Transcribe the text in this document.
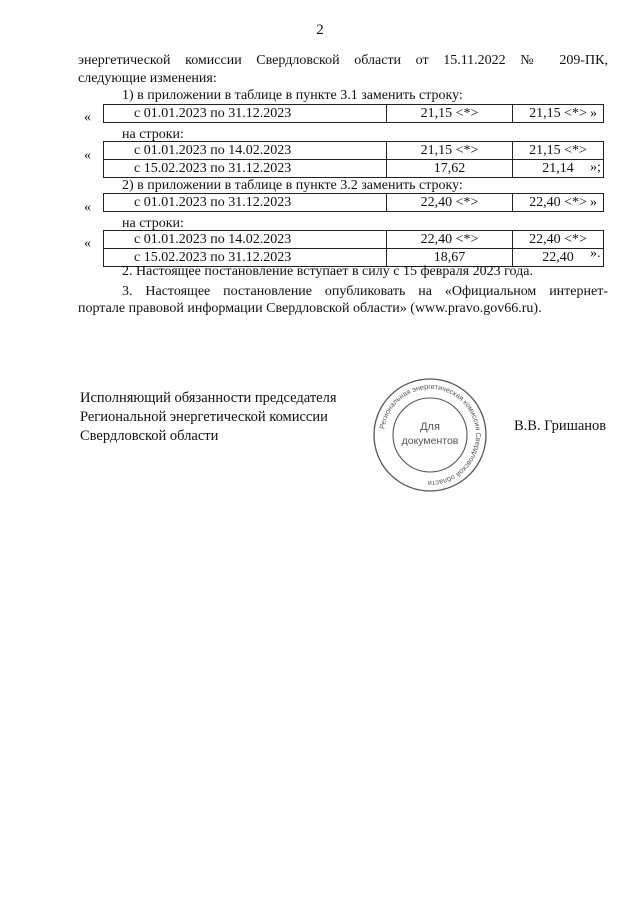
2
энергетической комиссии Свердловской области от 15.11.2022 № 209-ПК,
следующие изменения:
1) в приложении в таблице в пункте 3.1 заменить строку:
«	с 01.01.2023 по 31.12.2023	21,15 <*>	21,15 <*> »
на строки:
«	с 01.01.2023 по 14.02.2023	21,15 <*>	21,15 <*>
с 15.02.2023 по 31.12.2023	17,62	21,14 »;
2) в приложении в таблице в пункте 3.2 заменить строку:
«	с 01.01.2023 по 31.12.2023	22,40 <*>	22,40 <*> »
на строки:
«	с 01.01.2023 по 14.02.2023	22,40 <*>	22,40 <*>
с 15.02.2023 по 31.12.2023	18,67	22,40 ».
2. Настоящее постановление вступает в силу с 15 февраля 2023 года.
3. Настоящее постановление опубликовать на «Официальном интернет-
портале правовой информации Свердловской области» (www.pravo.gov66.ru).
Исполняющий обязанности председателя
Региональной энергетической комиссии
Свердловской области
Региональная энергетическая комиссия Свердловской области
Для
документов
В.В. Гришанов
